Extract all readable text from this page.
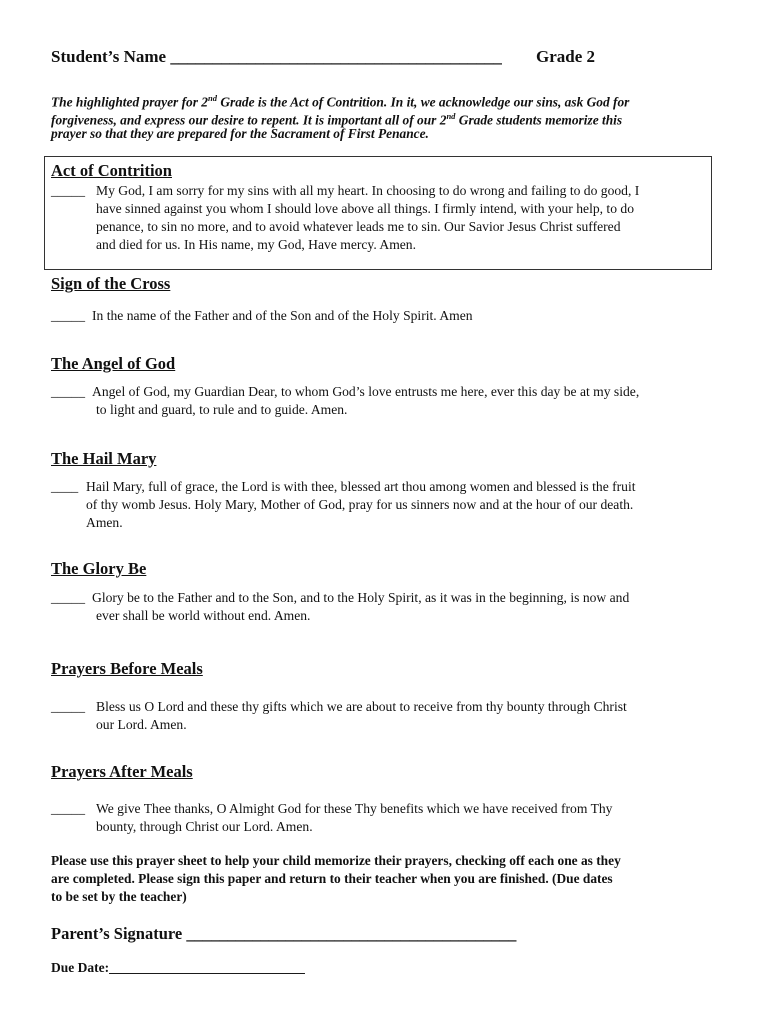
Student’s Name _______________________________________ Grade 2
The highlighted prayer for 2nd Grade is the Act of Contrition. In it, we acknowledge our sins, ask God for
forgiveness, and express our desire to repent. It is important all of our 2nd Grade students memorize this
prayer so that they are prepared for the Sacrament of First Penance.
Act of Contrition
_____ My God, I am sorry for my sins with all my heart. In choosing to do wrong and failing to do good, I
have sinned against you whom I should love above all things. I firmly intend, with your help, to do
penance, to sin no more, and to avoid whatever leads me to sin. Our Savior Jesus Christ suffered
and died for us. In His name, my God, Have mercy. Amen.
Sign of the Cross
_____ In the name of the Father and of the Son and of the Holy Spirit. Amen
The Angel of God
_____ Angel of God, my Guardian Dear, to whom God’s love entrusts me here, ever this day be at my side,
to light and guard, to rule and to guide. Amen.
The Hail Mary
____ Hail Mary, full of grace, the Lord is with thee, blessed art thou among women and blessed is the fruit
of thy womb Jesus. Holy Mary, Mother of God, pray for us sinners now and at the hour of our death.
Amen.
The Glory Be
_____ Glory be to the Father and to the Son, and to the Holy Spirit, as it was in the beginning, is now and
ever shall be world without end. Amen.
Prayers Before Meals
_____ Bless us O Lord and these thy gifts which we are about to receive from thy bounty through Christ
our Lord. Amen.
Prayers After Meals
_____ We give Thee thanks, O Almight God for these Thy benefits which we have received from Thy
bounty, through Christ our Lord. Amen.
Please use this prayer sheet to help your child memorize their prayers, checking off each one as they
are completed. Please sign this paper and return to their teacher when you are finished. (Due dates
to be set by the teacher)
Parent’s Signature ________________________________________
Due Date:_____________________________
